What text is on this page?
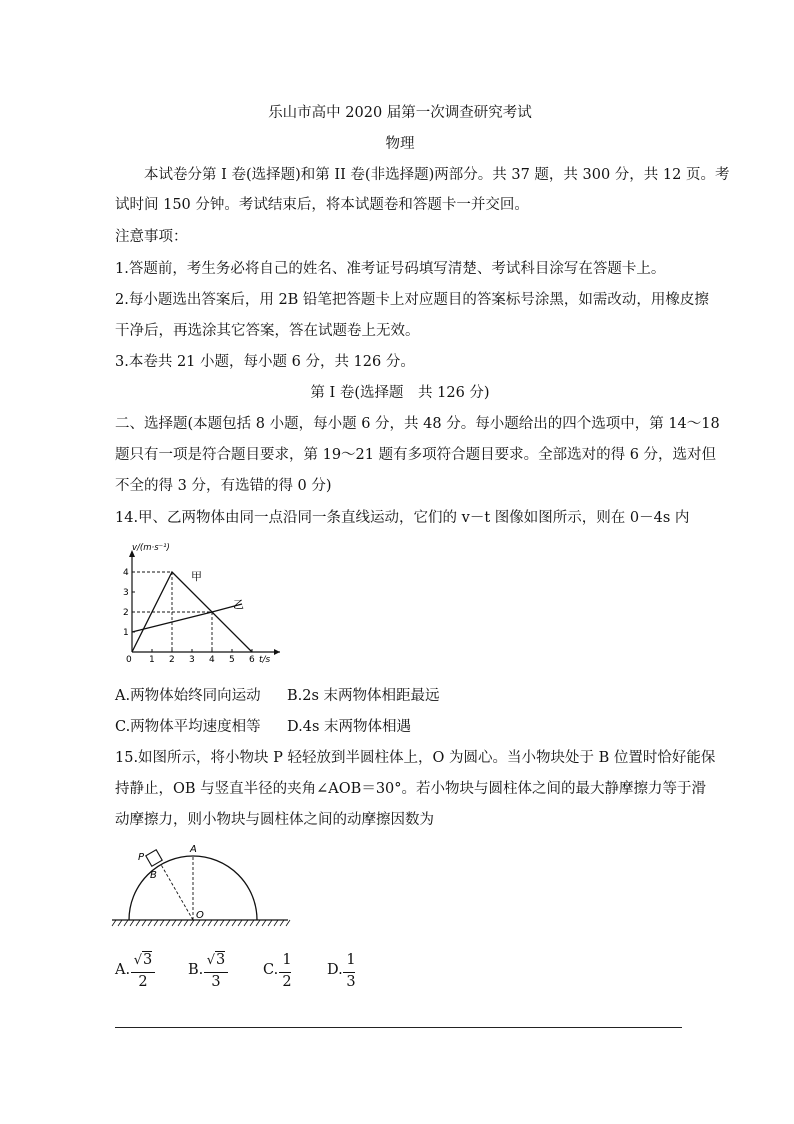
乐山市高中 2020 届第一次调查研究考试
物理
本试卷分第 I 卷(选择题)和第 II 卷(非选择题)两部分。共 37 题，共 300 分，共 12 页。考
试时间 150 分钟。考试结束后，将本试题卷和答题卡一并交回。
注意事项：
1.答题前，考生务必将自己的姓名、准考证号码填写清楚、考试科目涂写在答题卡上。
2.每小题选出答案后，用 2B 铅笔把答题卡上对应题目的答案标号涂黑，如需改动，用橡皮擦
干净后，再选涂其它答案，答在试题卷上无效。
3.本卷共 21 小题，每小题 6 分，共 126 分。
第 I 卷(选择题　共 126 分)
二、选择题(本题包括 8 小题，每小题 6 分，共 48 分。每小题给出的四个选项中，第 14～18
题只有一项是符合题目要求，第 19～21 题有多项符合题目要求。全部选对的得 6 分，选对但
不全的得 3 分，有选错的得 0 分)
14.甲、乙两物体由同一点沿同一条直线运动，它们的 v－t 图像如图所示，则在 0－4s 内
1 2 3 4 5 6
1
2
3
4
v/(m·s⁻¹)
t/s
0
甲
乙
A.两物体始终同向运动 B.2s 末两物体相距最远
C.两物体平均速度相等 D.4s 末两物体相遇
15.如图所示，将小物块 P 轻轻放到半圆柱体上，O 为圆心。当小物块处于 B 位置时恰好能保
持静止，OB 与竖直半径的夹角∠AOB＝30°。若小物块与圆柱体之间的最大静摩擦力等于滑
动摩擦力，则小物块与圆柱体之间的动摩擦因数为
P
A
B
O
A.
√3
2
B.
√3
3
C.
1
2
D.
1
3
